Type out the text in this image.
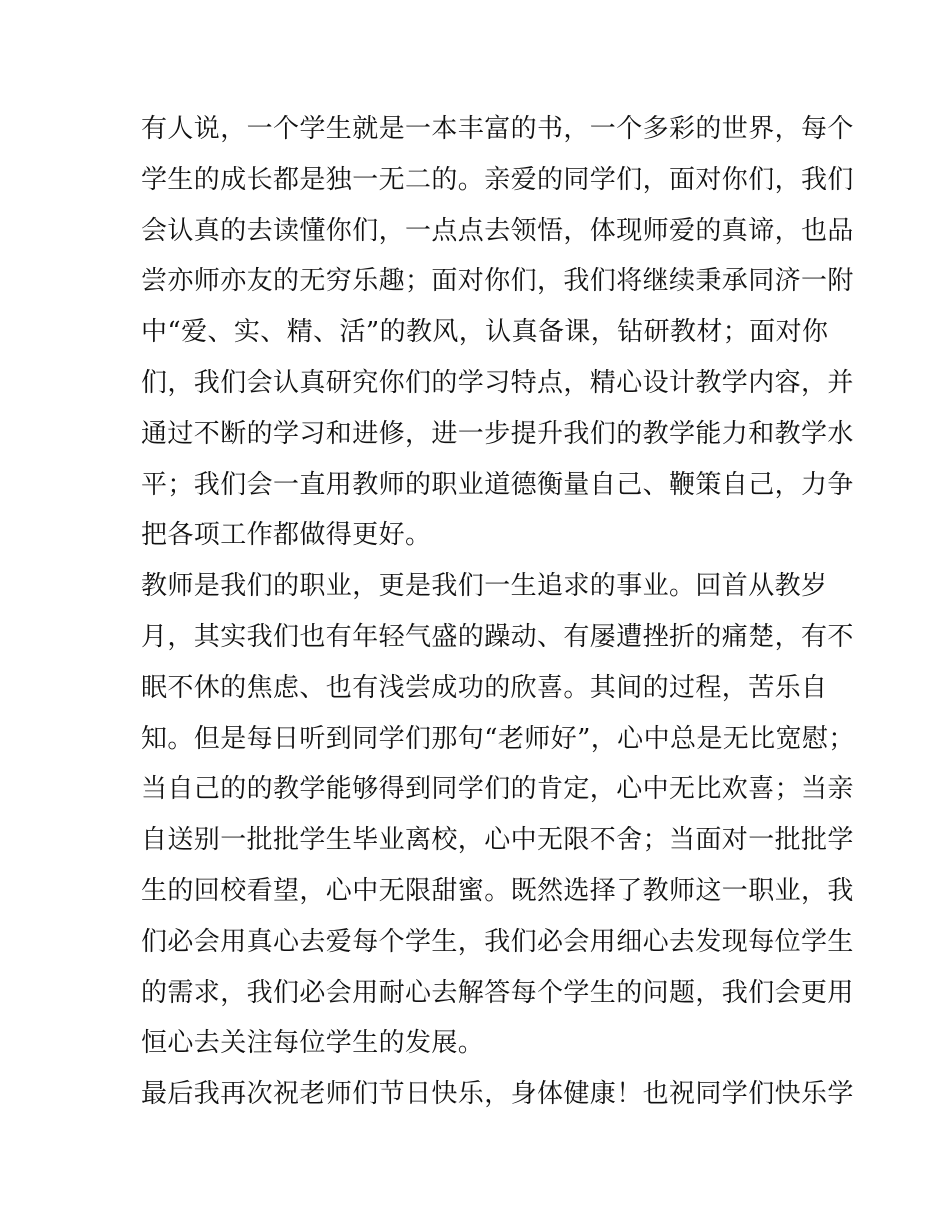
有人说，一个学生就是一本丰富的书，一个多彩的世界，每个
学生的成长都是独一无二的。亲爱的同学们，面对你们，我们
会认真的去读懂你们，一点点去领悟，体现师爱的真谛，也品
尝亦师亦友的无穷乐趣；面对你们，我们将继续秉承同济一附
中“爱、实、精、活”的教风，认真备课，钻研教材；面对你
们，我们会认真研究你们的学习特点，精心设计教学内容，并
通过不断的学习和进修，进一步提升我们的教学能力和教学水
平；我们会一直用教师的职业道德衡量自己、鞭策自己，力争
把各项工作都做得更好。
教师是我们的职业，更是我们一生追求的事业。回首从教岁
月，其实我们也有年轻气盛的躁动、有屡遭挫折的痛楚，有不
眠不休的焦虑、也有浅尝成功的欣喜。其间的过程，苦乐自
知。但是每日听到同学们那句“老师好”，心中总是无比宽慰；
当自己的的教学能够得到同学们的肯定，心中无比欢喜；当亲
自送别一批批学生毕业离校，心中无限不舍；当面对一批批学
生的回校看望，心中无限甜蜜。既然选择了教师这一职业，我
们必会用真心去爱每个学生，我们必会用细心去发现每位学生
的需求，我们必会用耐心去解答每个学生的问题，我们会更用
恒心去关注每位学生的发展。
最后我再次祝老师们节日快乐，身体健康！也祝同学们快乐学
